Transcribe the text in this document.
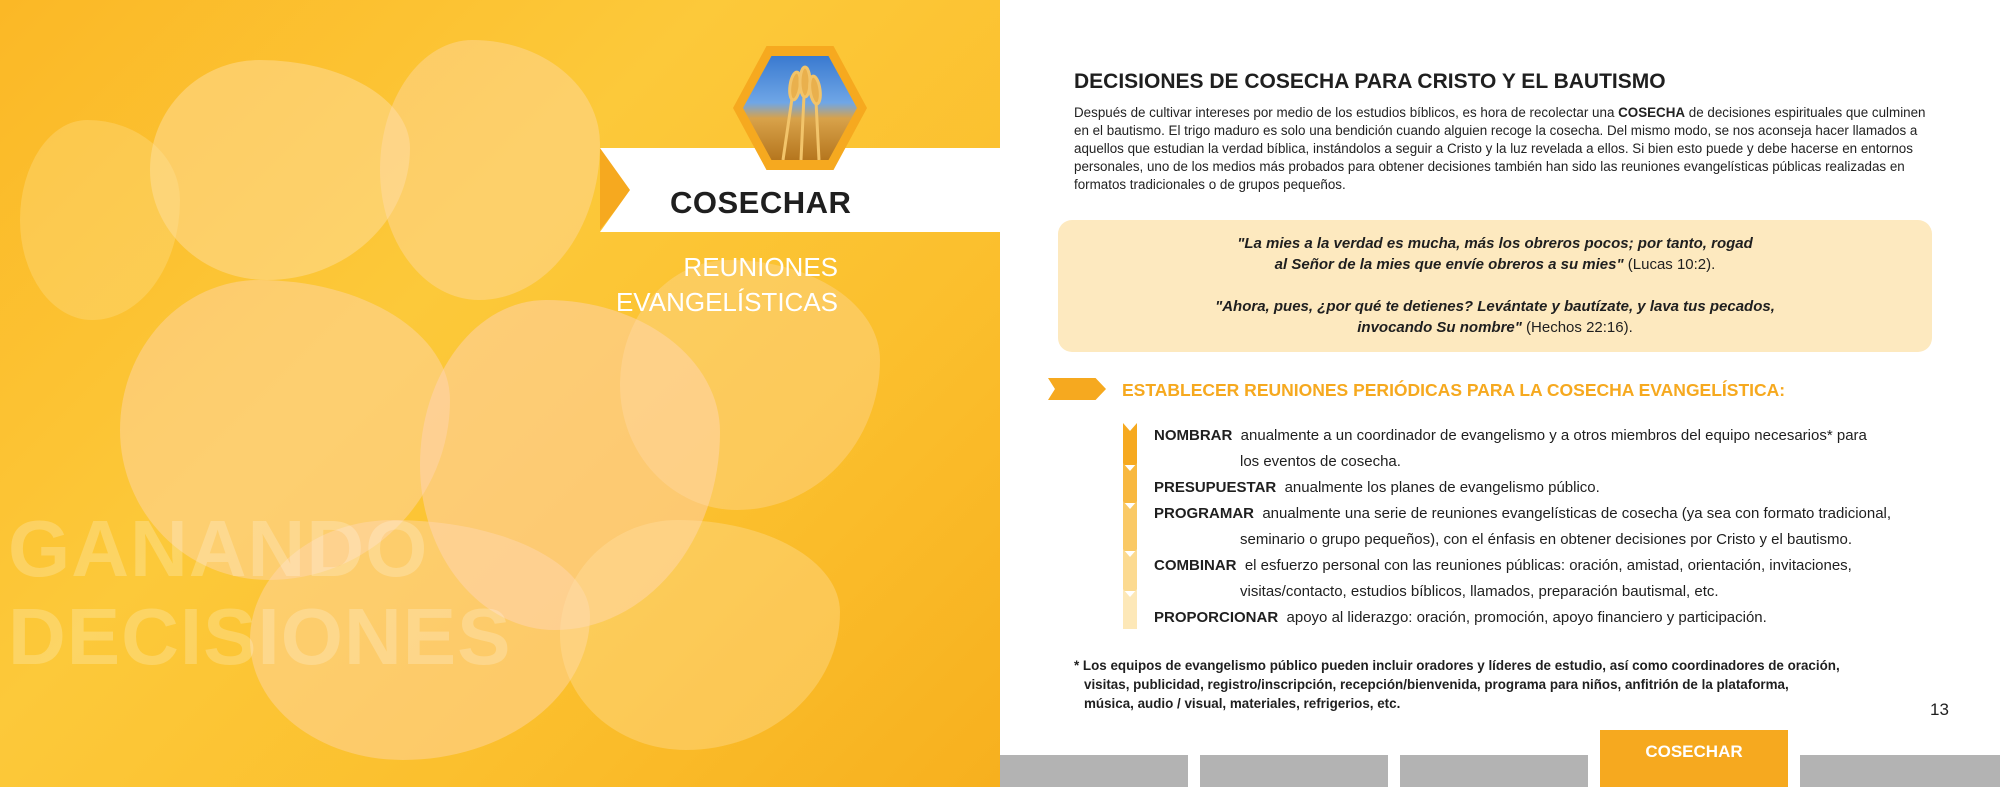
COSECHAR
REUNIONES
EVANGELÍSTICAS
GANANDO
DECISIONES
DECISIONES DE COSECHA PARA CRISTO Y EL BAUTISMO
Después de cultivar intereses por medio de los estudios bíblicos, es hora de recolectar una COSECHA de decisiones espirituales que culminen en el bautismo. El trigo maduro es solo una bendición cuando alguien recoge la cosecha. Del mismo modo, se nos aconseja hacer llamados a aquellos que estudian la verdad bíblica, instándolos a seguir a Cristo y la luz revelada a ellos. Si bien esto puede y debe hacerse en entornos personales, uno de los medios más probados para obtener decisiones también han sido las reuniones evangelísticas públicas realizadas en formatos tradicionales o de grupos pequeños.
"La mies a la verdad es mucha, más los obreros pocos; por tanto, rogad
al Señor de la mies que envíe obreros a su mies" (Lucas 10:2).
"Ahora, pues, ¿por qué te detienes? Levántate y bautízate, y lava tus pecados,
invocando Su nombre" (Hechos 22:16).
ESTABLECER REUNIONES PERIÓDICAS PARA LA COSECHA EVANGELÍSTICA:
NOMBRAR anualmente a un coordinador de evangelismo y a otros miembros del equipo necesarios* para
los eventos de cosecha.
PRESUPUESTAR anualmente los planes de evangelismo público.
PROGRAMAR anualmente una serie de reuniones evangelísticas de cosecha (ya sea con formato tradicional,
seminario o grupo pequeños), con el énfasis en obtener decisiones por Cristo y el bautismo.
COMBINAR el esfuerzo personal con las reuniones públicas: oración, amistad, orientación, invitaciones,
visitas/contacto, estudios bíblicos, llamados, preparación bautismal, etc.
PROPORCIONAR apoyo al liderazgo: oración, promoción, apoyo financiero y participación.
* Los equipos de evangelismo público pueden incluir oradores y líderes de estudio, así como coordinadores de oración,
visitas, publicidad, registro/inscripción, recepción/bienvenida, programa para niños, anfitrión de la plataforma,
música, audio / visual, materiales, refrigerios, etc.	13
COSECHAR
